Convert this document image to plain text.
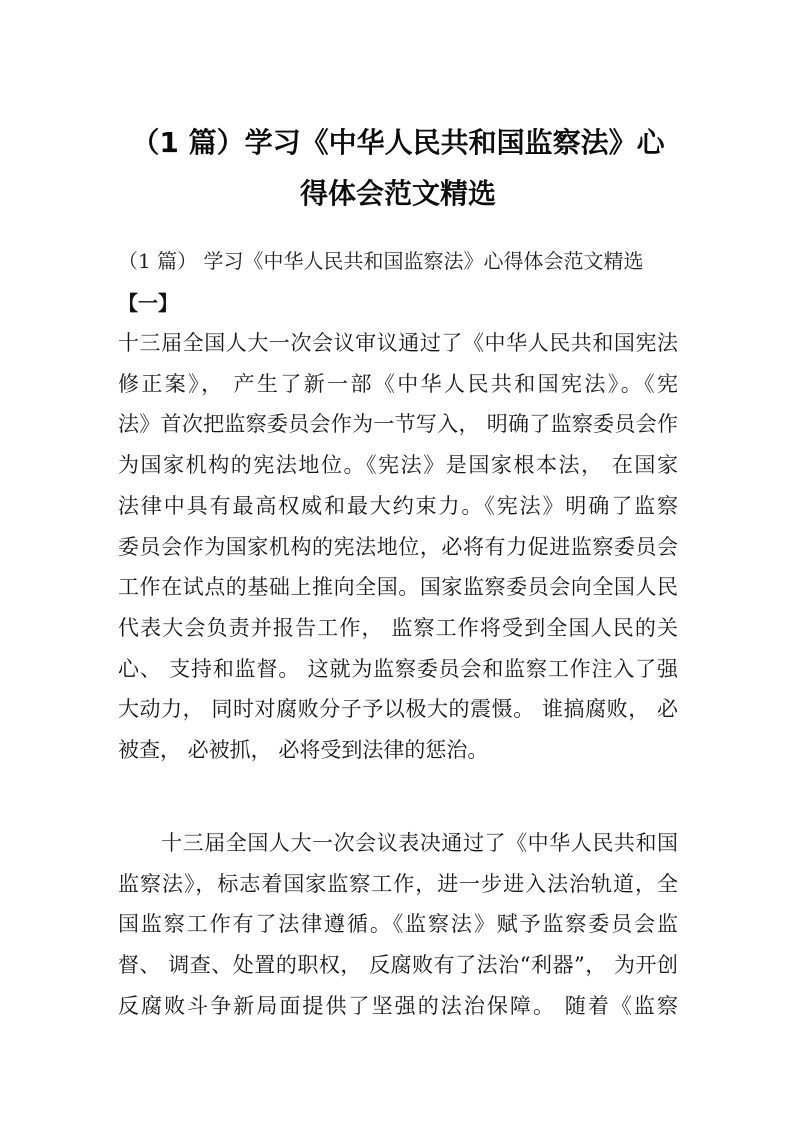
（1 篇）学习《中华人民共和国监察法》心
得体会范文精选
（1 篇） 学习《中华人民共和国监察法》心得体会范文精选
【一】
十三届全国人大一次会议审议通过了《中华人民共和国宪法
修正案》， 产生了新一部《中华人民共和国宪法》。《宪
法》首次把监察委员会作为一节写入， 明确了监察委员会作
为国家机构的宪法地位。《宪法》是国家根本法， 在国家
法律中具有最高权威和最大约束力。《宪法》明确了监察
委员会作为国家机构的宪法地位，必将有力促进监察委员会
工作在试点的基础上推向全国。国家监察委员会向全国人民
代表大会负责并报告工作， 监察工作将受到全国人民的关
心、 支持和监督。 这就为监察委员会和监察工作注入了强
大动力， 同时对腐败分子予以极大的震慑。 谁搞腐败， 必
被查， 必被抓， 必将受到法律的惩治。
　　十三届全国人大一次会议表决通过了《中华人民共和国
监察法》，标志着国家监察工作，进一步进入法治轨道，全
国监察工作有了法律遵循。《监察法》赋予监察委员会监
督、 调查、处置的职权， 反腐败有了法治“利器”， 为开创
反腐败斗争新局面提供了坚强的法治保障。 随着《监察
